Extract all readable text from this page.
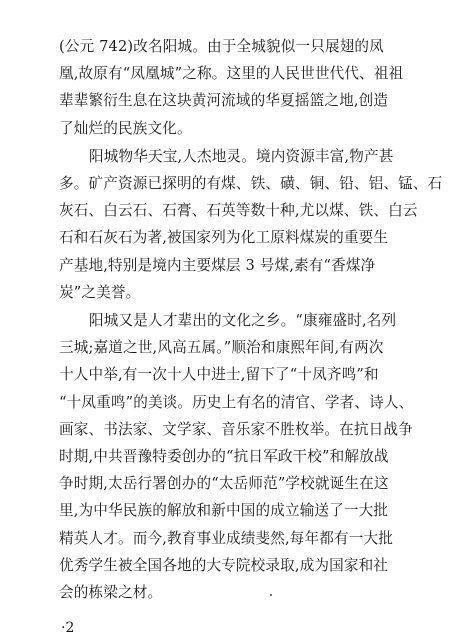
(公元 742)改名阳城。由于全城貌似一只展翅的凤
凰,故原有“凤凰城”之称。这里的人民世世代代、祖祖
辈辈繁衍生息在这块黄河流域的华夏摇篮之地,创造
了灿烂的民族文化。
阳城物华天宝,人杰地灵。境内资源丰富,物产甚
多。矿产资源已探明的有煤、铁、磺、铜、铅、铝、锰、石
灰石、白云石、石膏、石英等数十种,尤以煤、铁、白云
石和石灰石为著,被国家列为化工原料煤炭的重要生
产基地,特别是境内主要煤层 3 号煤,素有“香煤净
炭”之美誉。
阳城又是人才辈出的文化之乡。“康雍盛时,名列
三城;嘉道之世,风高五属。”顺治和康熙年间,有两次
十人中举,有一次十人中进士,留下了“十凤齐鸣”和
“十凤重鸣”的美谈。历史上有名的清官、学者、诗人、
画家、书法家、文学家、音乐家不胜枚举。在抗日战争
时期,中共晋豫特委创办的“抗日军政干校”和解放战
争时期,太岳行署创办的“太岳师范”学校就诞生在这
里,为中华民族的解放和新中国的成立输送了一大批
精英人才。而今,教育事业成绩斐然,每年都有一大批
优秀学生被全国各地的大专院校录取,成为国家和社
会的栋梁之材。
·2
